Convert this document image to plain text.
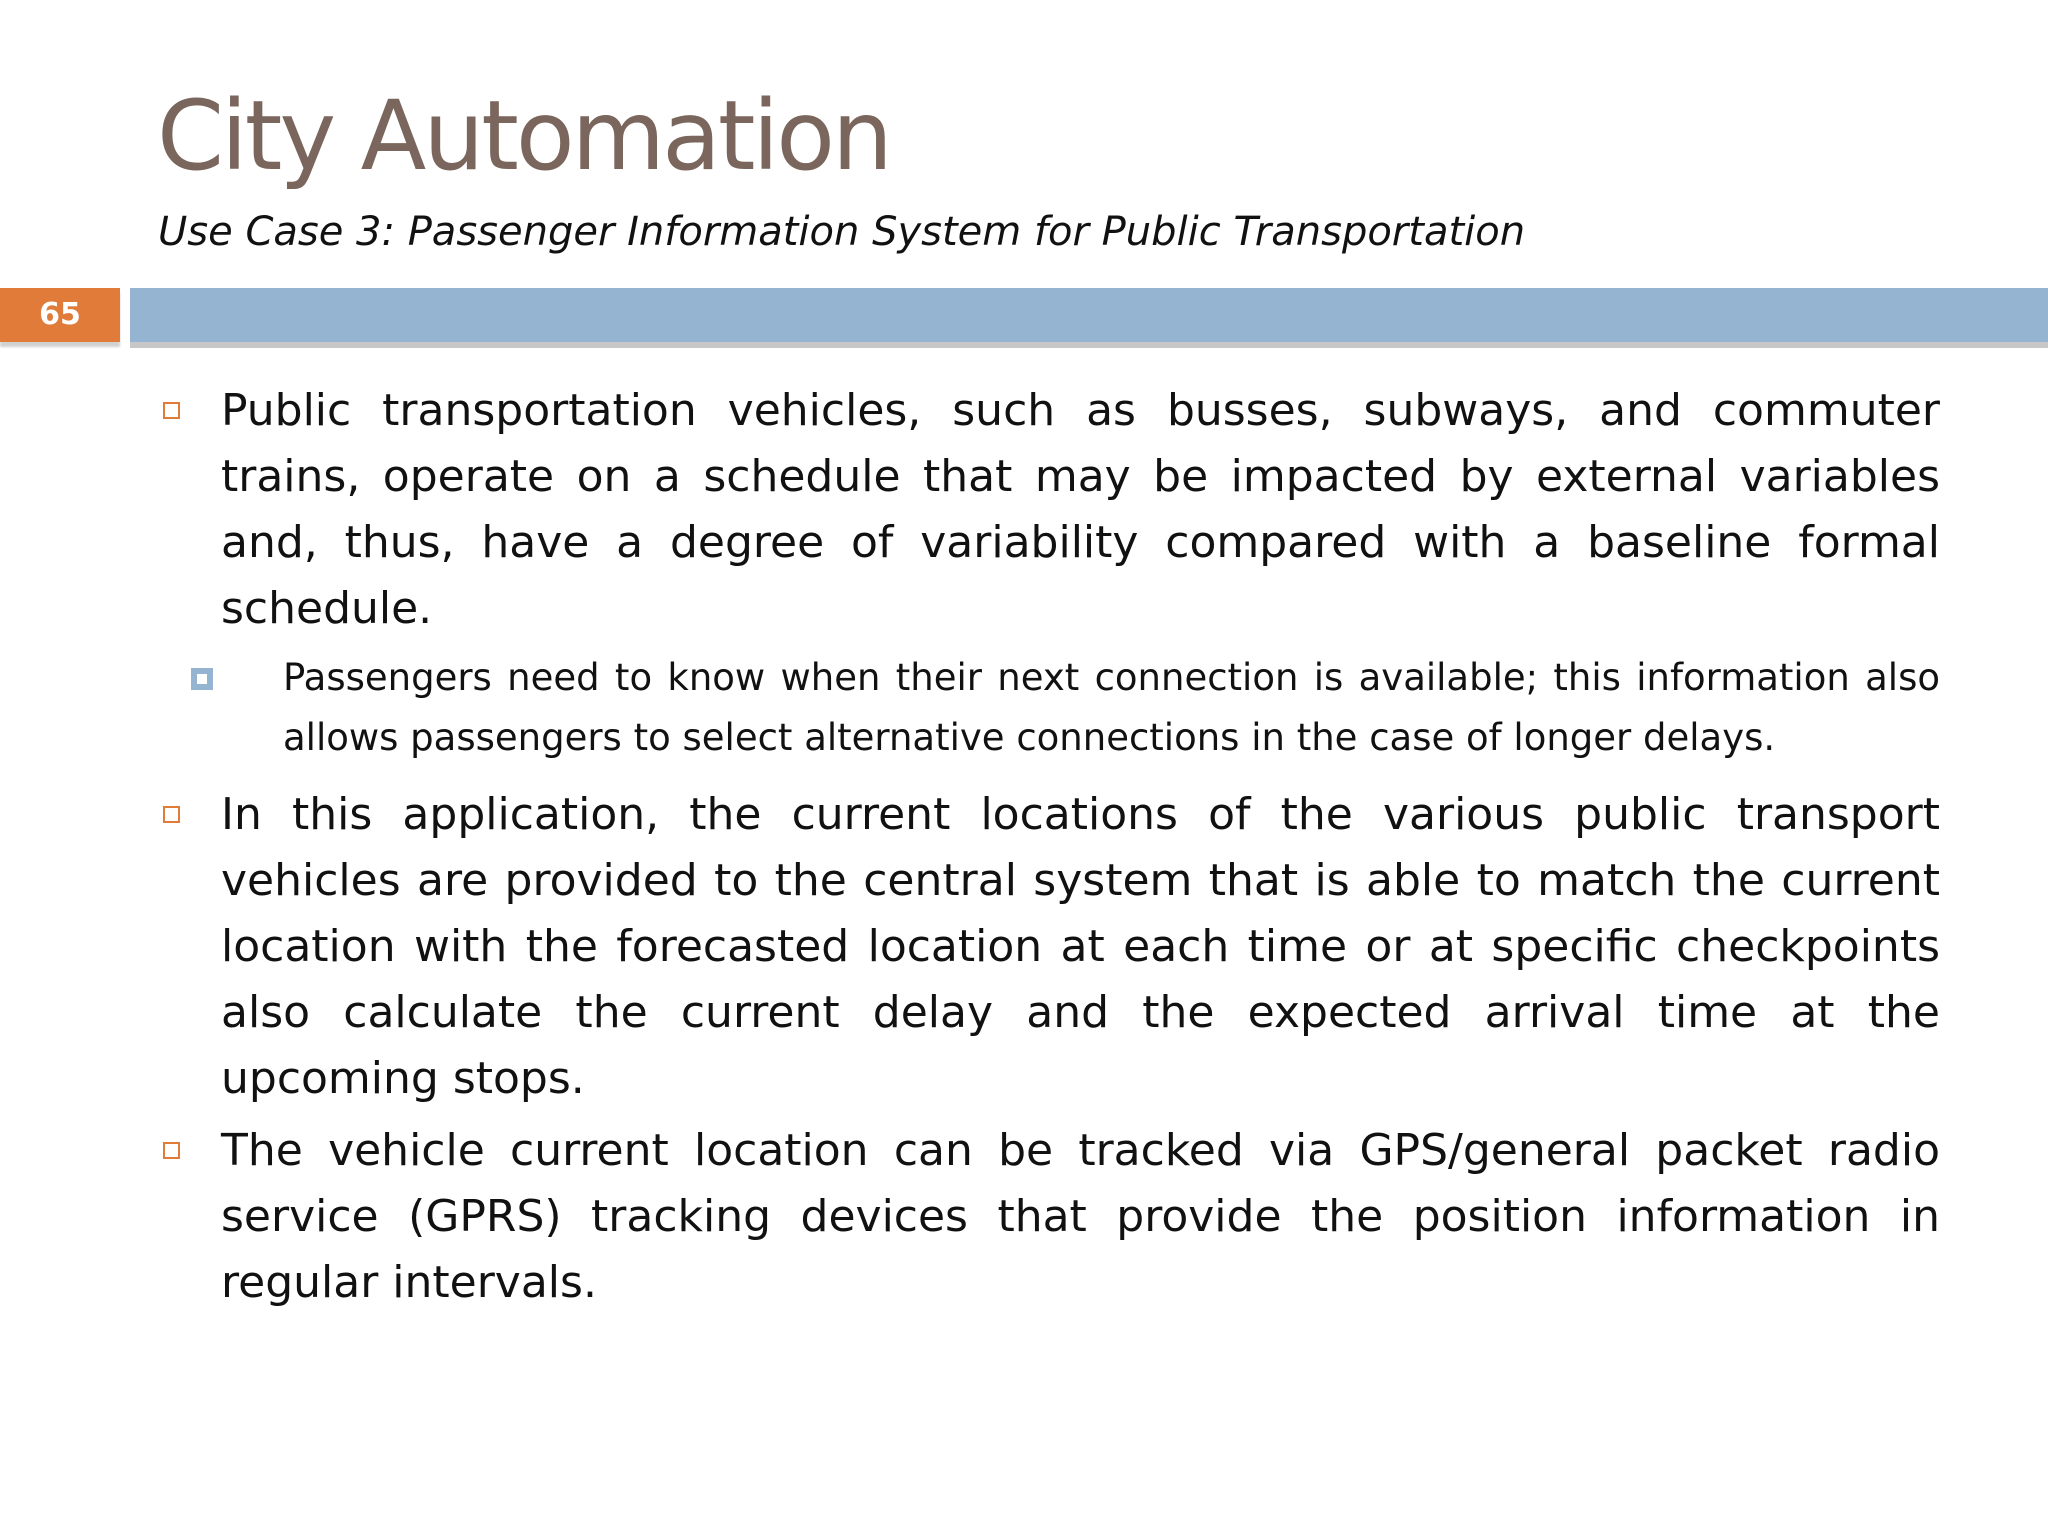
City Automation
Use Case 3: Passenger Information System for Public Transportation
65

Public transportation vehicles, such as busses, subways, and commuter trains, operate on a schedule that may be impacted by external variables and, thus, have a degree of variability compared with a baseline formal schedule.

Passengers need to know when their next connection is available; this information also allows passengers to select alternative connections in the case of longer delays.

In this application, the current locations of the various public transport vehicles are provided to the central system that is able to match the current location with the forecasted location at each time or at specific checkpoints also calculate the current delay and the expected arrival time at the upcoming stops.

The vehicle current location can be tracked via GPS/general packet radio service (GPRS) tracking devices that provide the position information in regular intervals.
